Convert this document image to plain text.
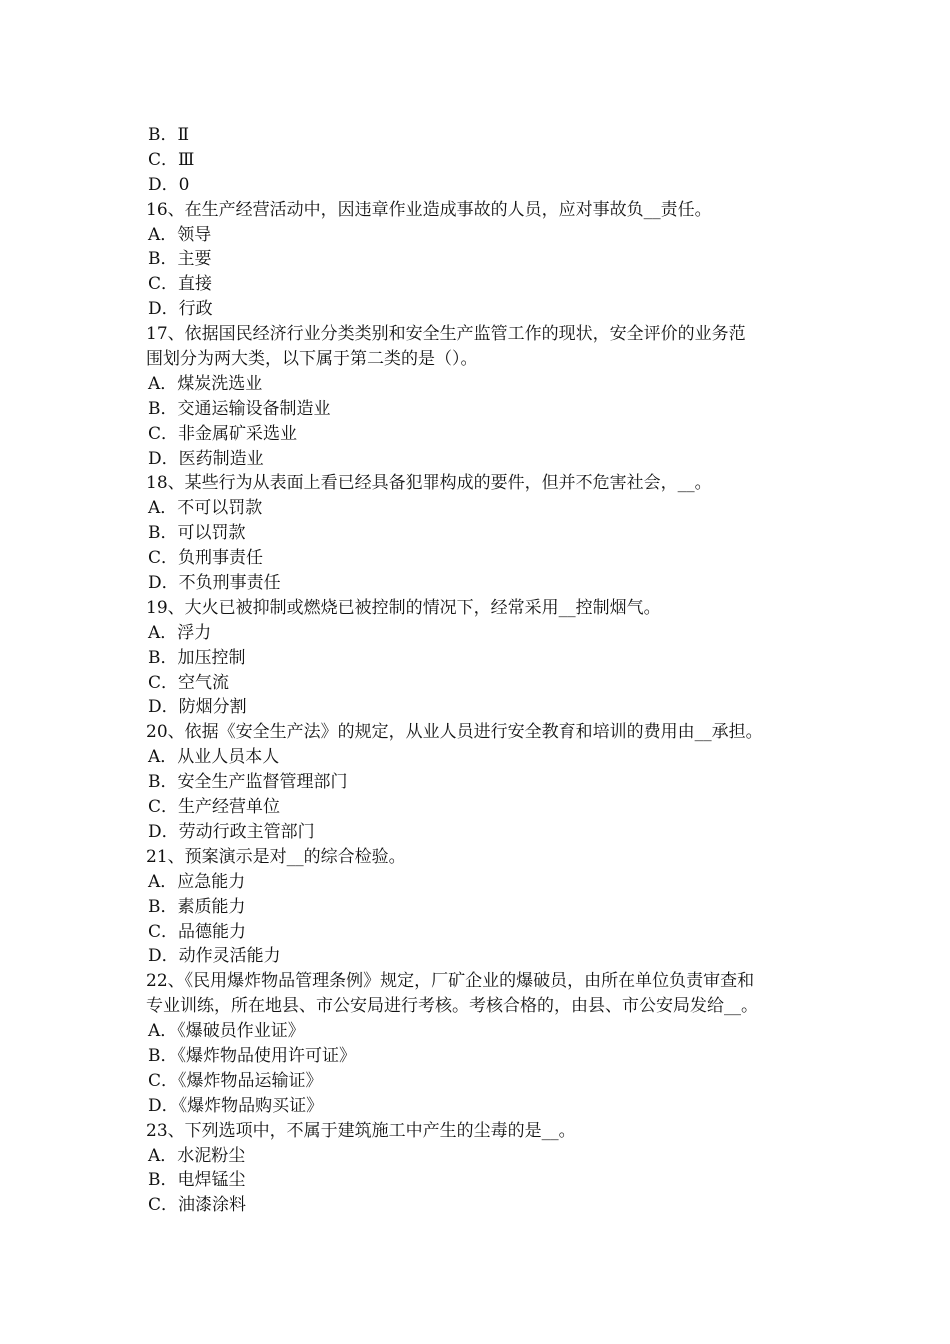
B．Ⅱ
C．Ⅲ
D．0
16、在生产经营活动中，因违章作业造成事故的人员，应对事故负__责任。
A．领导
B．主要
C．直接
D．行政
17、依据国民经济行业分类类别和安全生产监管工作的现状，安全评价的业务范
围划分为两大类，以下属于第二类的是（）。
A．煤炭洗选业
B．交通运输设备制造业
C．非金属矿采选业
D．医药制造业
18、某些行为从表面上看已经具备犯罪构成的要件，但并不危害社会，__。
A．不可以罚款
B．可以罚款
C．负刑事责任
D．不负刑事责任
19、大火已被抑制或燃烧已被控制的情况下，经常采用__控制烟气。
A．浮力
B．加压控制
C．空气流
D．防烟分割
20、依据《安全生产法》的规定，从业人员进行安全教育和培训的费用由__承担。
A．从业人员本人
B．安全生产监督管理部门
C．生产经营单位
D．劳动行政主管部门
21、预案演示是对__的综合检验。
A．应急能力
B．素质能力
C．品德能力
D．动作灵活能力
22、《民用爆炸物品管理条例》规定，厂矿企业的爆破员，由所在单位负责审查和
专业训练，所在地县、市公安局进行考核。考核合格的，由县、市公安局发给__。
A．《爆破员作业证》
B．《爆炸物品使用许可证》
C．《爆炸物品运输证》
D．《爆炸物品购买证》
23、下列选项中，不属于建筑施工中产生的尘毒的是__。
A．水泥粉尘
B．电焊锰尘
C．油漆涂料
